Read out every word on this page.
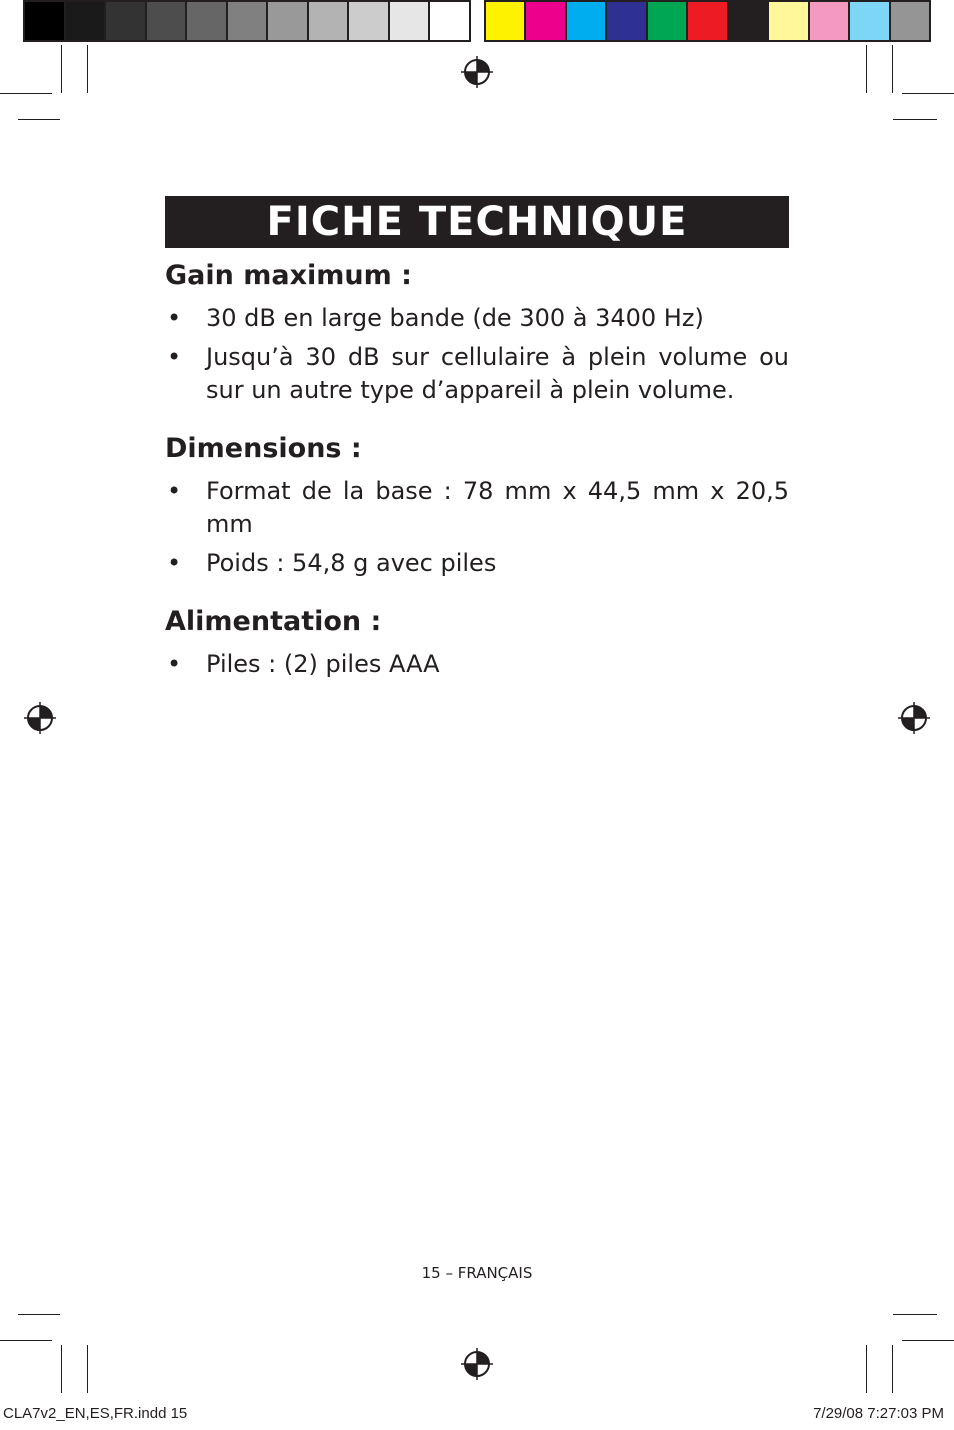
FICHE TECHNIQUE
Gain maximum :
• 30 dB en large bande (de 300 à 3400 Hz)
• Jusqu’à 30 dB sur cellulaire à plein volume ou sur un autre type d’appareil à plein volume.
Dimensions :
• Format de la base : 78 mm x 44,5 mm x 20,5 mm
• Poids : 54,8 g avec piles
Alimentation :
• Piles : (2) piles AAA
15 – FRANÇAIS
CLA7v2_EN,ES,FR.indd 15	7/29/08 7:27:03 PM
